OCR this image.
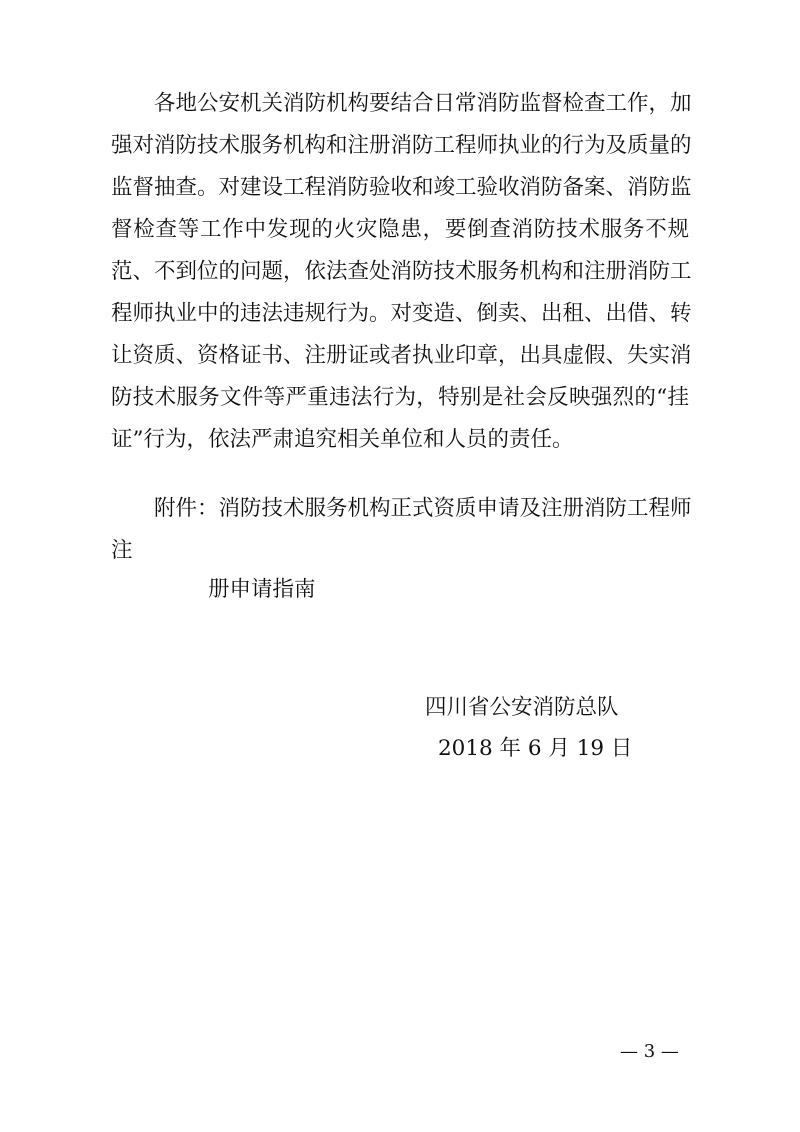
各地公安机关消防机构要结合日常消防监督检查工作，加
强对消防技术服务机构和注册消防工程师执业的行为及质量的
监督抽查。对建设工程消防验收和竣工验收消防备案、消防监
督检查等工作中发现的火灾隐患，要倒查消防技术服务不规
范、不到位的问题，依法查处消防技术服务机构和注册消防工
程师执业中的违法违规行为。对变造、倒卖、出租、出借、转
让资质、资格证书、注册证或者执业印章，出具虚假、失实消
防技术服务文件等严重违法行为，特别是社会反映强烈的“挂
证”行为，依法严肃追究相关单位和人员的责任。
附件：消防技术服务机构正式资质申请及注册消防工程师
注
册申请指南
四川省公安消防总队
2018 年 6 月 19 日
— 3 —
